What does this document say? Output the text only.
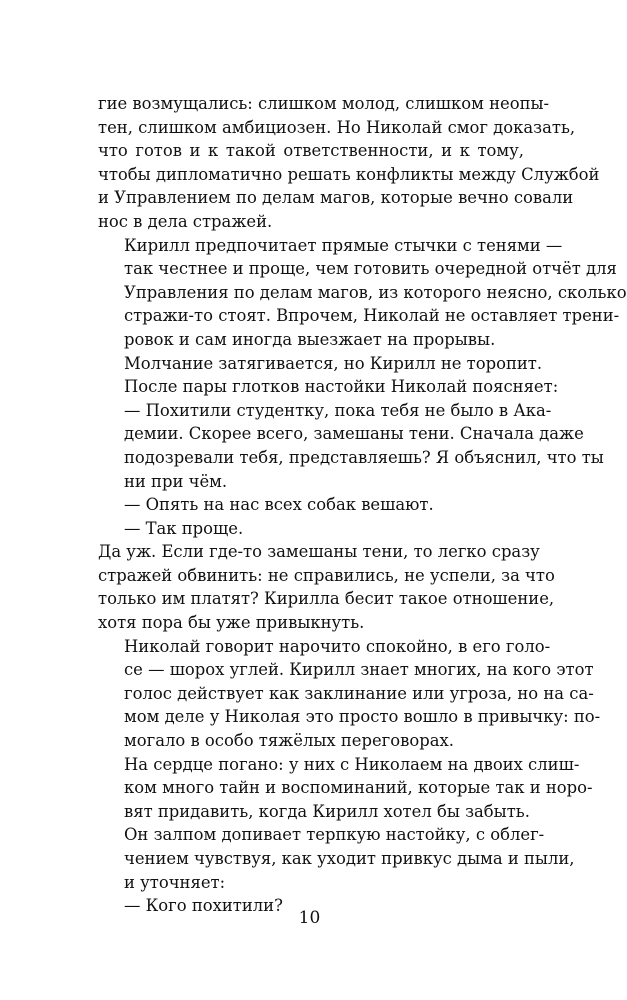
гие возмущались: слишком молод, слишком неопы-
тен, слишком амбициозен. Но Николай смог доказать,
что готов и к такой ответственности, и к тому,
чтобы дипломатично решать конфликты между Службой
и Управлением по делам магов, которые вечно совали
нос в дела стражей.
Кирилл предпочитает прямые стычки с тенями —
так честнее и проще, чем готовить очередной отчёт для
Управления по делам магов, из которого неясно, сколько
стражи-то стоят. Впрочем, Николай не оставляет трени-
ровок и сам иногда выезжает на прорывы.
Молчание затягивается, но Кирилл не торопит.
После пары глотков настойки Николай поясняет:
— Похитили студентку, пока тебя не было в Ака-
демии. Скорее всего, замешаны тени. Сначала даже
подозревали тебя, представляешь? Я объяснил, что ты
ни при чём.
— Опять на нас всех собак вешают.
— Так проще.
Да уж. Если где-то замешаны тени, то легко сразу
стражей обвинить: не справились, не успели, за что
только им платят? Кирилла бесит такое отношение,
хотя пора бы уже привыкнуть.
Николай говорит нарочито спокойно, в его голо-
се — шорох углей. Кирилл знает многих, на кого этот
голос действует как заклинание или угроза, но на са-
мом деле у Николая это просто вошло в привычку: по-
могало в особо тяжёлых переговорах.
На сердце погано: у них с Николаем на двоих слиш-
ком много тайн и воспоминаний, которые так и норо-
вят придавить, когда Кирилл хотел бы забыть.
Он залпом допивает терпкую настойку, с облег-
чением чувствуя, как уходит привкус дыма и пыли,
и уточняет:
— Кого похитили?
10
